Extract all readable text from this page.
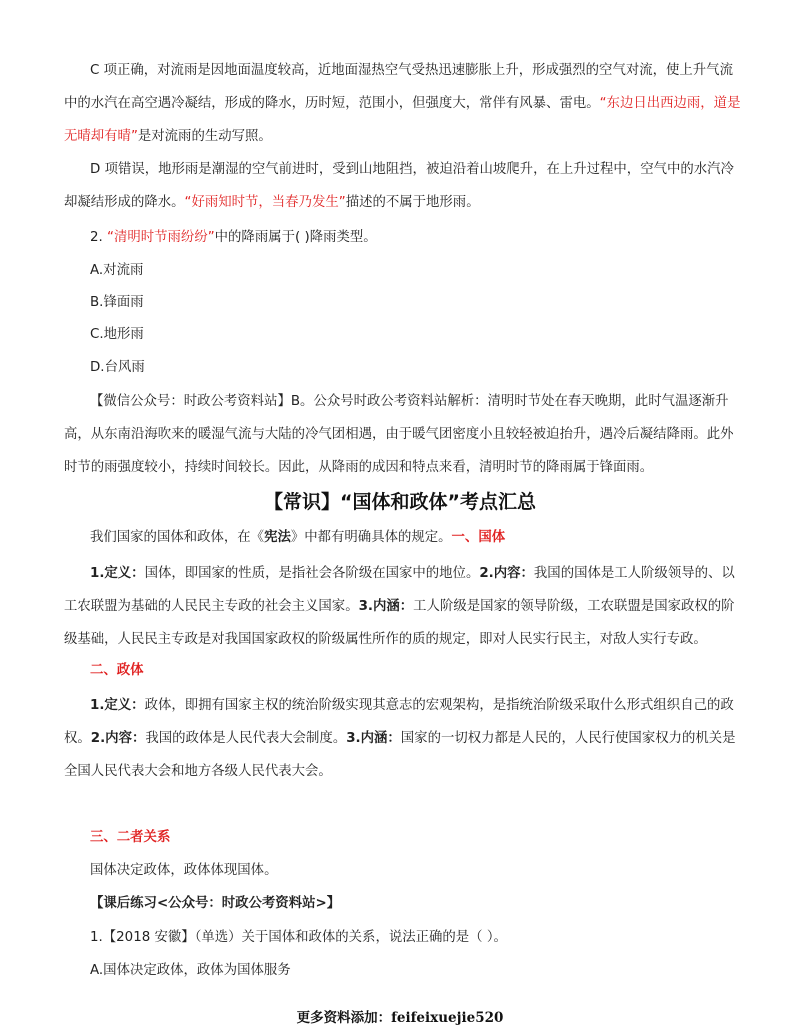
C 项正确，对流雨是因地面温度较高，近地面湿热空气受热迅速膨胀上升，形成强烈的空气对流，使上升气流中的水汽在高空遇冷凝结，形成的降水，历时短，范围小，但强度大，常伴有风暴、雷电。“东边日出西边雨，道是无晴却有晴”是对流雨的生动写照。

D 项错误，地形雨是潮湿的空气前进时，受到山地阻挡，被迫沿着山坡爬升，在上升过程中，空气中的水汽冷却凝结形成的降水。“好雨知时节，当春乃发生”描述的不属于地形雨。

2. “清明时节雨纷纷”中的降雨属于( )降雨类型。

A.对流雨

B.锋面雨

C.地形雨

D.台风雨

【微信公众号：时政公考资料站】B。公众号时政公考资料站解析：清明时节处在春天晚期，此时气温逐渐升高，从东南沿海吹来的暖湿气流与大陆的冷气团相遇，由于暖气团密度小且较轻被迫抬升，遇冷后凝结降雨。此外时节的雨强度较小，持续时间较长。因此，从降雨的成因和特点来看，清明时节的降雨属于锋面雨。

【常识】“国体和政体”考点汇总

我们国家的国体和政体，在《宪法》中都有明确具体的规定。一、国体

1.定义：国体，即国家的性质，是指社会各阶级在国家中的地位。2.内容：我国的国体是工人阶级领导的、以工农联盟为基础的人民民主专政的社会主义国家。3.内涵：工人阶级是国家的领导阶级，工农联盟是国家政权的阶级基础，人民民主专政是对我国国家政权的阶级属性所作的质的规定，即对人民实行民主，对敌人实行专政。

二、政体

1.定义：政体，即拥有国家主权的统治阶级实现其意志的宏观架构，是指统治阶级采取什么形式组织自己的政权。2.内容：我国的政体是人民代表大会制度。3.内涵：国家的一切权力都是人民的，人民行使国家权力的机关是全国人民代表大会和地方各级人民代表大会。

三、二者关系

国体决定政体，政体体现国体。

【课后练习<公众号：时政公考资料站>】

1.【2018 安徽】（单选）关于国体和政体的关系，说法正确的是（ ）。

A.国体决定政体，政体为国体服务

更多资料添加：feifeixuejie520
